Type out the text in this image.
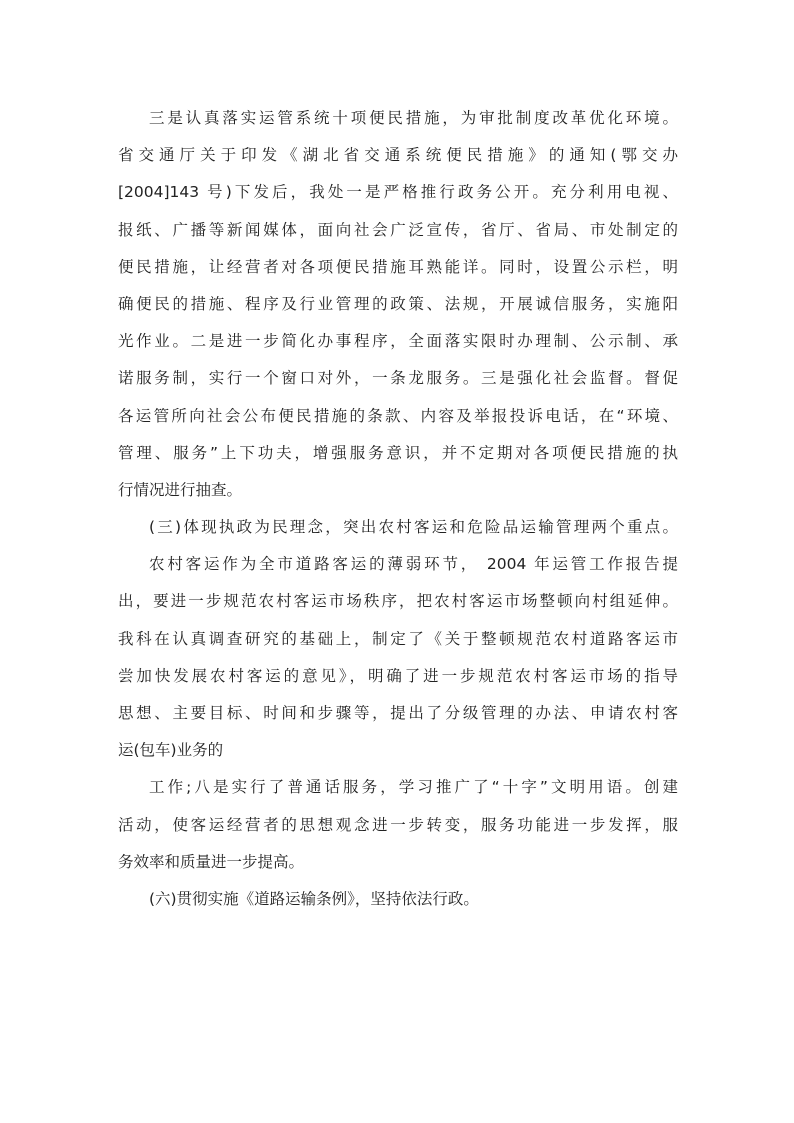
三是认真落实运管系统十项便民措施，为审批制度改革优化环境。
省交通厅关于印发《湖北省交通系统便民措施》的通知(鄂交办
[2004]143 号)下发后，我处一是严格推行政务公开。充分利用电视、
报纸、广播等新闻媒体，面向社会广泛宣传，省厅、省局、市处制定的
便民措施，让经营者对各项便民措施耳熟能详。同时，设置公示栏，明
确便民的措施、程序及行业管理的政策、法规，开展诚信服务，实施阳
光作业。二是进一步简化办事程序，全面落实限时办理制、公示制、承
诺服务制，实行一个窗口对外，一条龙服务。三是强化社会监督。督促
各运管所向社会公布便民措施的条款、内容及举报投诉电话，在“环境、
管理、服务”上下功夫，增强服务意识，并不定期对各项便民措施的执
行情况进行抽查。
(三)体现执政为民理念，突出农村客运和危险品运输管理两个重点。
农村客运作为全市道路客运的薄弱环节， 2004 年运管工作报告提
出，要进一步规范农村客运市场秩序，把农村客运市场整顿向村组延伸。
我科在认真调查研究的基础上，制定了《关于整顿规范农村道路客运市
尝加快发展农村客运的意见》，明确了进一步规范农村客运市场的指导
思想、主要目标、时间和步骤等，提出了分级管理的办法、申请农村客
运(包车)业务的
工作;八是实行了普通话服务，学习推广了“十字”文明用语。创建
活动，使客运经营者的思想观念进一步转变，服务功能进一步发挥，服
务效率和质量进一步提高。
(六)贯彻实施《道路运输条例》，坚持依法行政。
